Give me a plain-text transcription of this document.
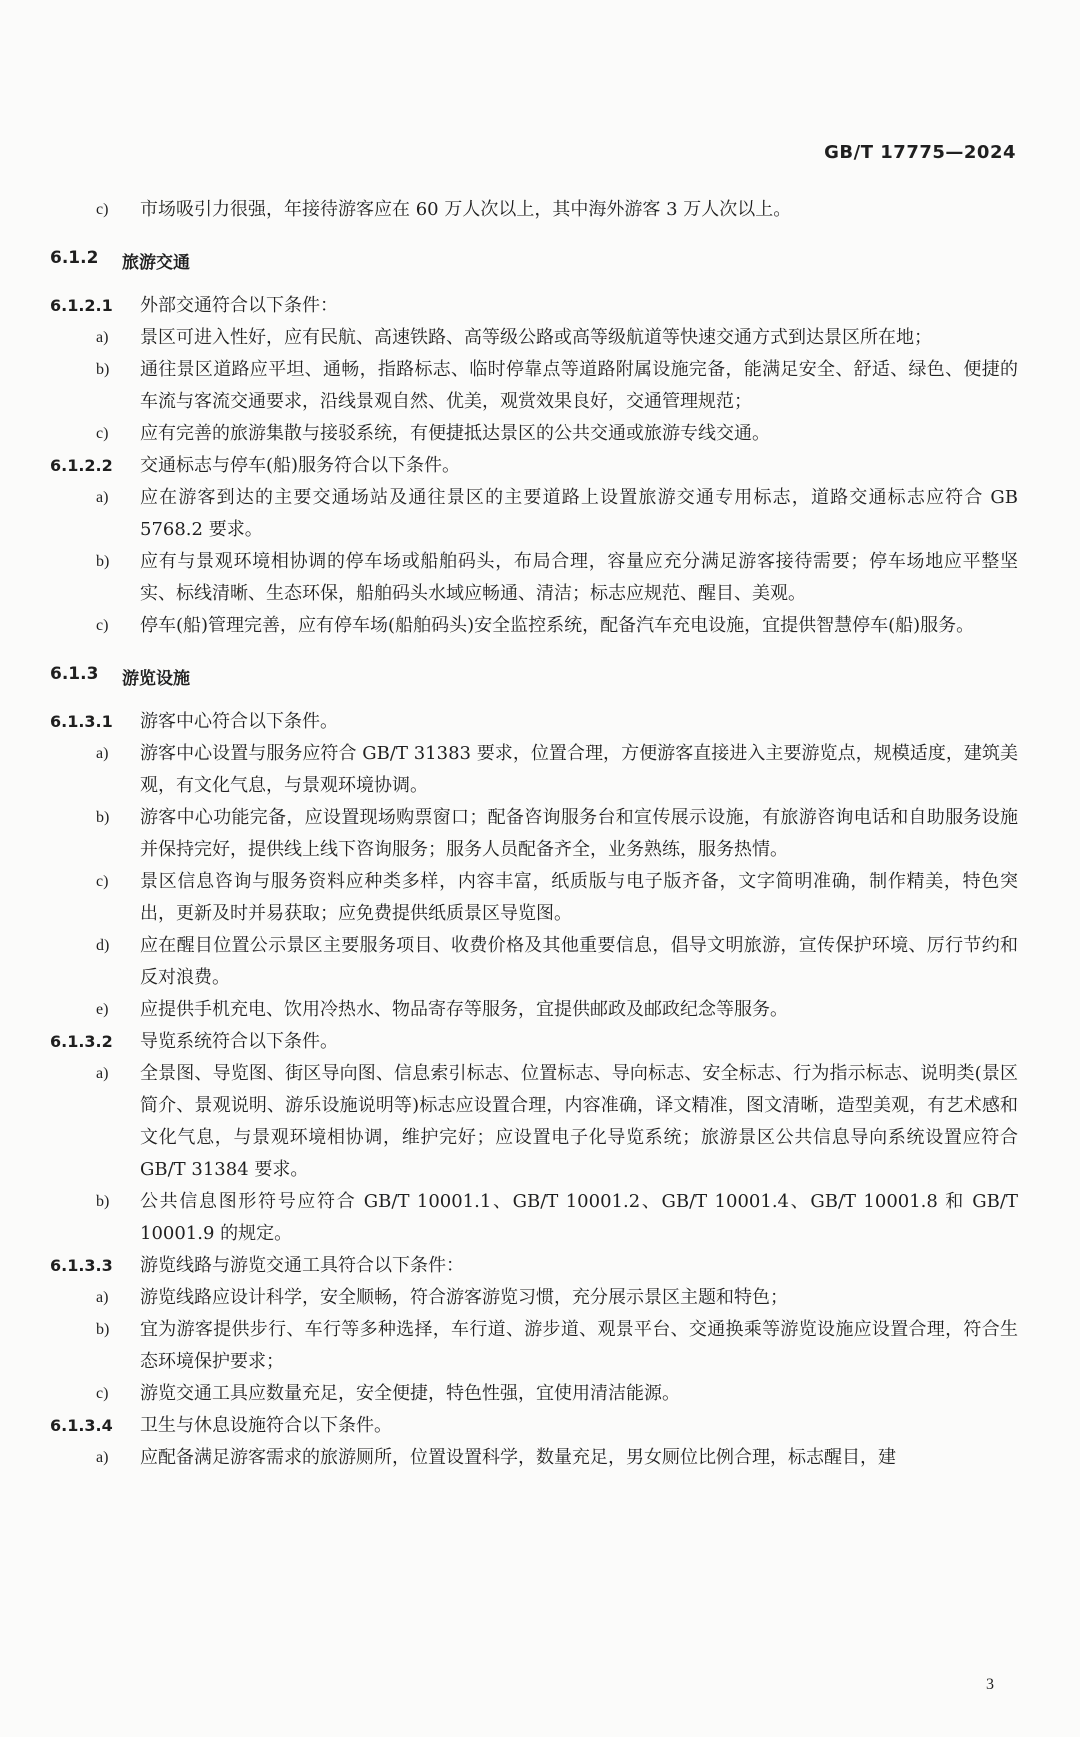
GB/T 17775—2024
c) 市场吸引力很强，年接待游客应在 60 万人次以上，其中海外游客 3 万人次以上。
6.1.2 旅游交通
6.1.2.1 外部交通符合以下条件：
a) 景区可进入性好，应有民航、高速铁路、高等级公路或高等级航道等快速交通方式到达景区所在地；
b) 通往景区道路应平坦、通畅，指路标志、临时停靠点等道路附属设施完备，能满足安全、舒适、绿色、便捷的车流与客流交通要求，沿线景观自然、优美，观赏效果良好，交通管理规范；
c) 应有完善的旅游集散与接驳系统，有便捷抵达景区的公共交通或旅游专线交通。
6.1.2.2 交通标志与停车(船)服务符合以下条件。
a) 应在游客到达的主要交通场站及通往景区的主要道路上设置旅游交通专用标志，道路交通标志应符合 GB 5768.2 要求。
b) 应有与景观环境相协调的停车场或船舶码头，布局合理，容量应充分满足游客接待需要；停车场地应平整坚实、标线清晰、生态环保，船舶码头水域应畅通、清洁；标志应规范、醒目、美观。
c) 停车(船)管理完善，应有停车场(船舶码头)安全监控系统，配备汽车充电设施，宜提供智慧停车(船)服务。
6.1.3 游览设施
6.1.3.1 游客中心符合以下条件。
a) 游客中心设置与服务应符合 GB/T 31383 要求，位置合理，方便游客直接进入主要游览点，规模适度，建筑美观，有文化气息，与景观环境协调。
b) 游客中心功能完备，应设置现场购票窗口；配备咨询服务台和宣传展示设施，有旅游咨询电话和自助服务设施并保持完好，提供线上线下咨询服务；服务人员配备齐全，业务熟练，服务热情。
c) 景区信息咨询与服务资料应种类多样，内容丰富，纸质版与电子版齐备，文字简明准确，制作精美，特色突出，更新及时并易获取；应免费提供纸质景区导览图。
d) 应在醒目位置公示景区主要服务项目、收费价格及其他重要信息，倡导文明旅游，宣传保护环境、厉行节约和反对浪费。
e) 应提供手机充电、饮用冷热水、物品寄存等服务，宜提供邮政及邮政纪念等服务。
6.1.3.2 导览系统符合以下条件。
a) 全景图、导览图、街区导向图、信息索引标志、位置标志、导向标志、安全标志、行为指示标志、说明类(景区简介、景观说明、游乐设施说明等)标志应设置合理，内容准确，译文精准，图文清晰，造型美观，有艺术感和文化气息，与景观环境相协调，维护完好；应设置电子化导览系统；旅游景区公共信息导向系统设置应符合 GB/T 31384 要求。
b) 公共信息图形符号应符合 GB/T 10001.1、GB/T 10001.2、GB/T 10001.4、GB/T 10001.8 和 GB/T 10001.9 的规定。
6.1.3.3 游览线路与游览交通工具符合以下条件：
a) 游览线路应设计科学，安全顺畅，符合游客游览习惯，充分展示景区主题和特色；
b) 宜为游客提供步行、车行等多种选择，车行道、游步道、观景平台、交通换乘等游览设施应设置合理，符合生态环境保护要求；
c) 游览交通工具应数量充足，安全便捷，特色性强，宜使用清洁能源。
6.1.3.4 卫生与休息设施符合以下条件。
a) 应配备满足游客需求的旅游厕所，位置设置科学，数量充足，男女厕位比例合理，标志醒目，建
3
